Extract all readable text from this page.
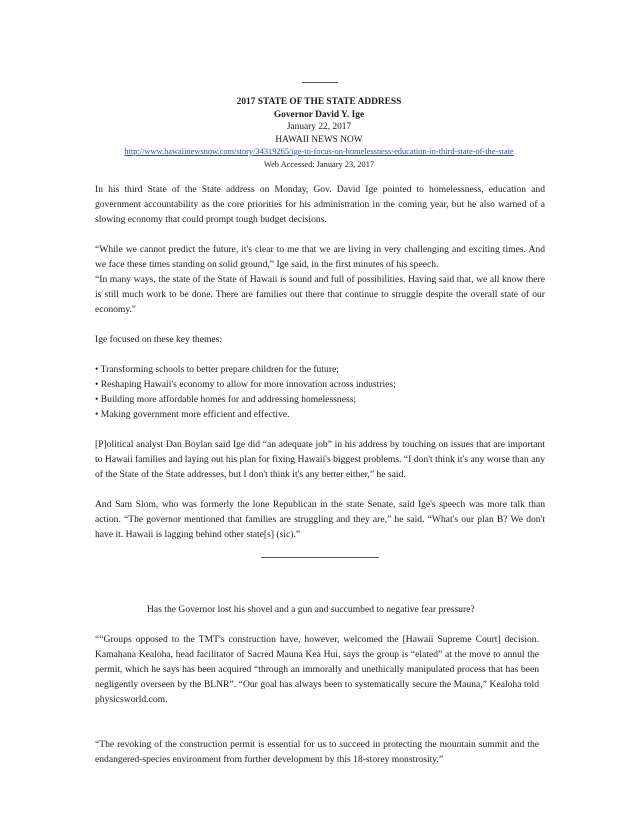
2017 STATE OF THE STATE ADDRESS
Governor David Y. Ige
January 22, 2017
HAWAII NEWS NOW
http://www.hawaiinewsnow.com/story/34319265/ige-to-focus-on-homelessness-education-in-third-state-of-the-state
Web Accessed: January 23, 2017

In his third State of the State address on Monday, Gov. David Ige pointed to homelessness, education and government accountability as the core priorities for his administration in the coming year, but he also warned of a slowing economy that could prompt tough budget decisions.

“While we cannot predict the future, it's clear to me that we are living in very challenging and exciting times. And we face these times standing on solid ground,” Ige said, in the first minutes of his speech.

“In many ways, the state of the State of Hawaii is sound and full of possibilities. Having said that, we all know there is still much work to be done. There are families out there that continue to struggle despite the overall state of our economy."

Ige focused on these key themes:

• Transforming schools to better prepare children for the future;

• Reshaping Hawaii's economy to allow for more innovation across industries;

• Building more affordable homes for and addressing homelessness;

• Making government more efficient and effective.

[P]olitical analyst Dan Boylan said Ige did “an adequate job” in his address by touching on issues that are important to Hawaii families and laying out his plan for fixing Hawaii's biggest problems. “I don't think it's any worse than any of the State of the State addresses, but I don't think it's any better either,” he said.

And Sam Slom, who was formerly the lone Republican in the state Senate, said Ige's speech was more talk than action. “The governor mentioned that families are struggling and they are,” he said. “What's our plan B? We don't have it. Hawaii is lagging behind other state[s] (sic).”

Has the Governor lost his shovel and a gun and succumbed to negative fear pressure?

““Groups opposed to the TMT's construction have, however, welcomed the [Hawaii Supreme Court] decision. Kamahana Kealoha, head facilitator of Sacred Mauna Kea Hui, says the group is “elated” at the move to annul the permit, which he says has been acquired “through an immorally and unethically manipulated process that has been negligently overseen by the BLNR”. “Our goal has always been to systematically secure the Mauna,” Kealoha told physicsworld.com.

“The revoking of the construction permit is essential for us to succeed in protecting the mountain summit and the endangered-species environment from further development by this 18-storey monstrosity.”
